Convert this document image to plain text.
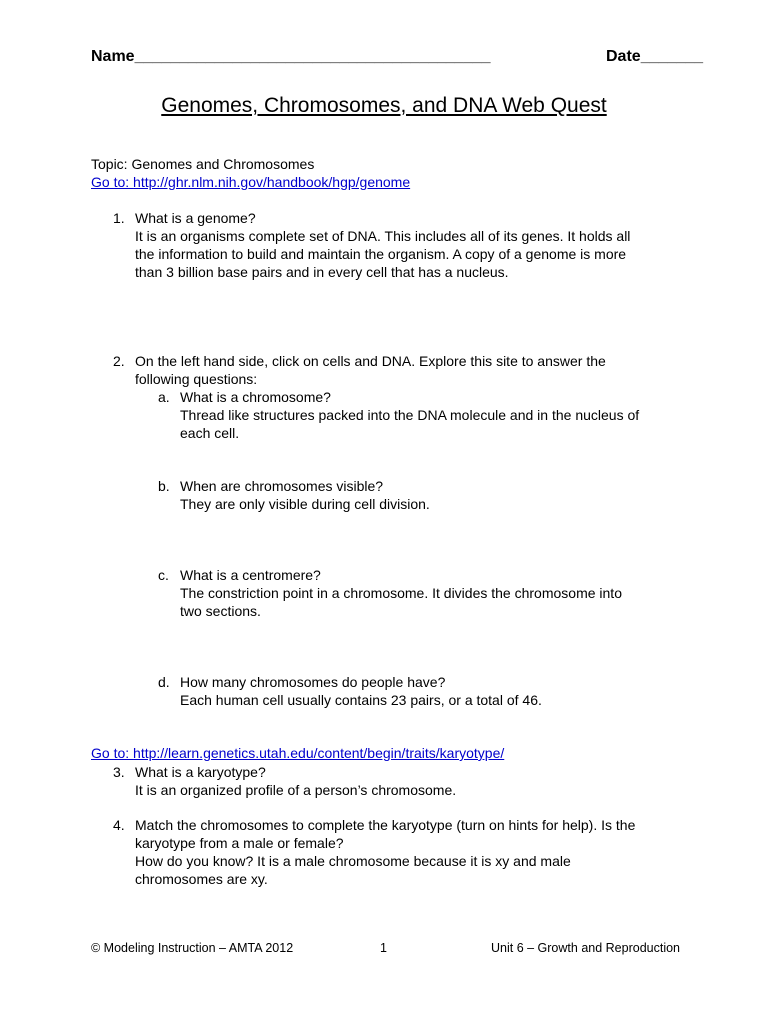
Name________________________________________	Date_______
Genomes, Chromosomes, and DNA Web Quest
Topic: Genomes and Chromosomes
Go to: http://ghr.nlm.nih.gov/handbook/hgp/genome
1. What is a genome?
It is an organisms complete set of DNA. This includes all of its genes. It holds all
the information to build and maintain the organism. A copy of a genome is more
than 3 billion base pairs and in every cell that has a nucleus.
2. On the left hand side, click on cells and DNA. Explore this site to answer the
following questions:
a. What is a chromosome?
Thread like structures packed into the DNA molecule and in the nucleus of
each cell.
b. When are chromosomes visible?
They are only visible during cell division.
c. What is a centromere?
The constriction point in a chromosome. It divides the chromosome into
two sections.
d. How many chromosomes do people have?
Each human cell usually contains 23 pairs, or a total of 46.
Go to: http://learn.genetics.utah.edu/content/begin/traits/karyotype/
3. What is a karyotype?
It is an organized profile of a person’s chromosome.
4. Match the chromosomes to complete the karyotype (turn on hints for help). Is the
karyotype from a male or female?
How do you know? It is a male chromosome because it is xy and male
chromosomes are xy.
© Modeling Instruction – AMTA 2012	1	Unit 6 – Growth and Reproduction
